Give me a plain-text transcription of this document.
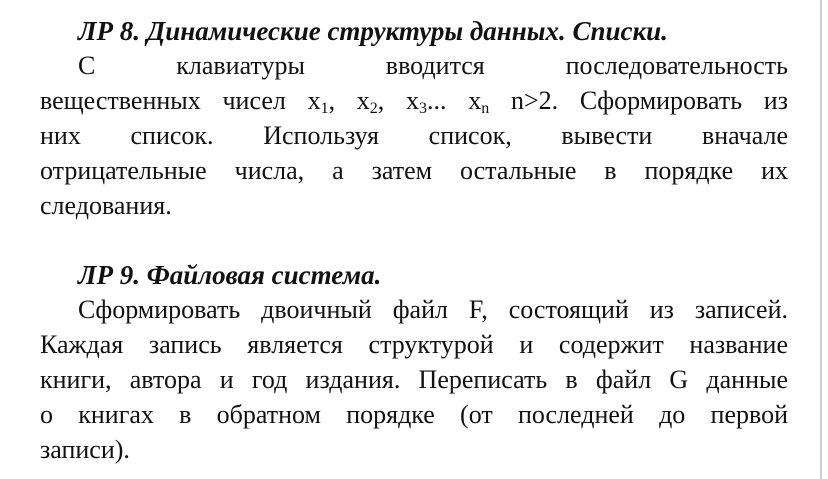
ЛР 8. Динамические структуры данных. Списки.
С клавиатуры вводится последовательность
вещественных чисел $x_1$, $x_2$, $x_3$... $x_n$ n>2. Сформировать из
них список. Используя список, вывести вначале
отрицательные числа, а затем остальные в порядке их
следования.
ЛР 9. Файловая система.
Сформировать двоичный файл F, состоящий из записей.
Каждая запись является структурой и содержит название
книги, автора и год издания. Переписать в файл G данные
о книгах в обратном порядке (от последней до первой
записи).
